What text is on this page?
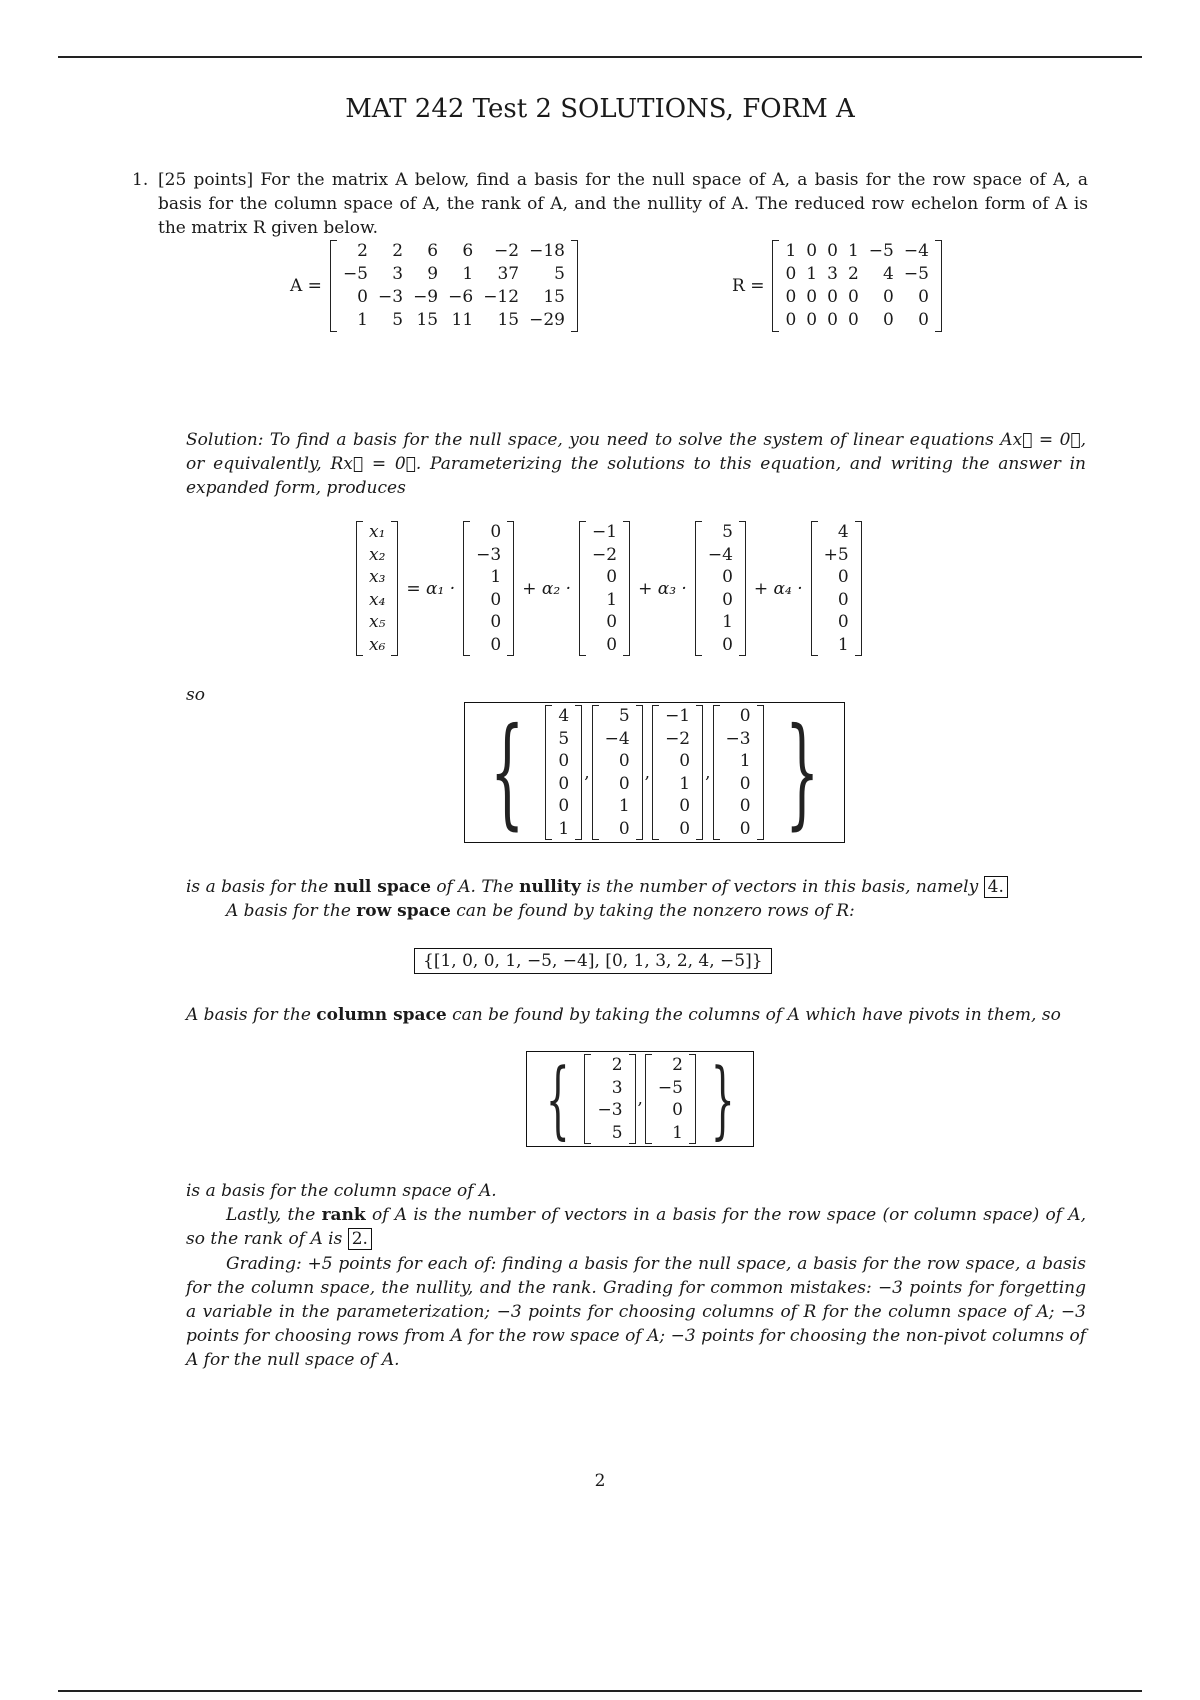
MAT 242 Test 2 SOLUTIONS, FORM A
1. [25 points] For the matrix A below, find a basis for the null space of A, a basis for the row space of A, a basis for the column space of A, the rank of A, and the nullity of A. The reduced row echelon form of A is the matrix R given below.
A =
2
−5
0
1
2
3
−3
5
6
9
−9
15
6
1
−6
11
−2
37
−12
15
−18
5
15
−29
R =
1
0
0
0
0
1
0
0
0
3
0
0
1
2
0
0
−5
4
0
0
−4
−5
0
0
Solution: To find a basis for the null space, you need to solve the system of linear equations Ax⃗ = 0⃗, or equivalently, Rx⃗ = 0⃗. Parameterizing the solutions to this equation, and writing the answer in expanded form, produces
x₁
x₂
x₃
x₄
x₅
x₆
= α₁ ·
0
−3
1
0
0
0
+ α₂ ·
−1
−2
0
1
0
0
+ α₃ ·
5
−4
0
0
1
0
+ α₄ ·
4
+5
0
0
0
1
so
{ 4
5
0
0
0
1
,
5
−4
0
0
1
0
,
−1
−2
0
1
0
0
,
0
−3
1
0
0
0 }
is a basis for the null space of A. The nullity is the number of vectors in this basis, namely 4.
A basis for the row space can be found by taking the nonzero rows of R:
{[1, 0, 0, 1, −5, −4], [0, 1, 3, 2, 4, −5]}
A basis for the column space can be found by taking the columns of A which have pivots in them, so
{ 2
3
−3
5
,
2
−5
0
1 }
is a basis for the column space of A.
Lastly, the rank of A is the number of vectors in a basis for the row space (or column space) of A, so the rank of A is 2.
Grading: +5 points for each of: finding a basis for the null space, a basis for the row space, a basis for the column space, the nullity, and the rank. Grading for common mistakes: −3 points for forgetting a variable in the parameterization; −3 points for choosing columns of R for the column space of A; −3 points for choosing rows from A for the row space of A; −3 points for choosing the non-pivot columns of A for the null space of A.
2
